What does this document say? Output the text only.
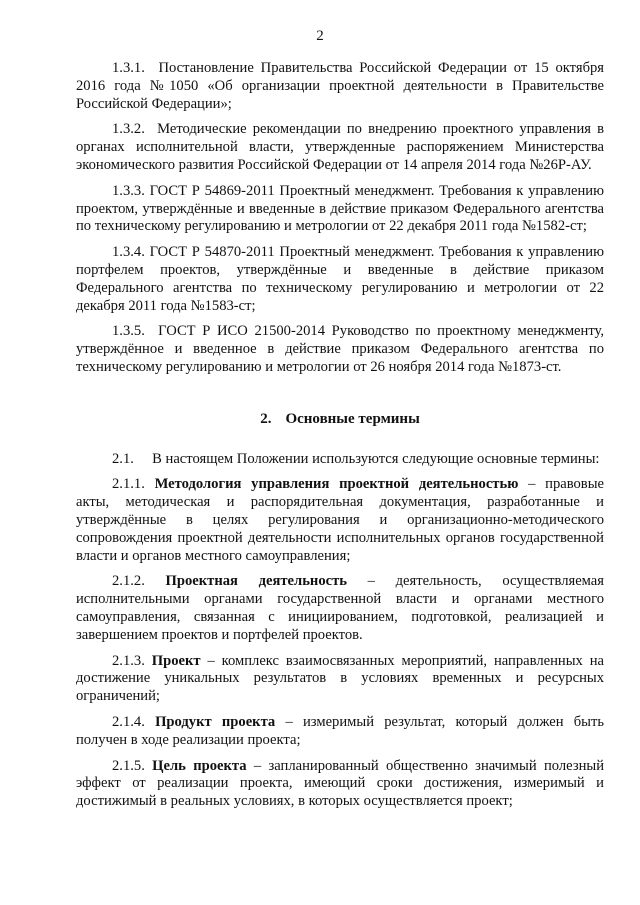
2

1.3.1. Постановление Правительства Российской Федерации от 15 октября 2016 года №1050 «Об организации проектной деятельности в Правительстве Российской Федерации»;

1.3.2. Методические рекомендации по внедрению проектного управления в органах исполнительной власти, утвержденные распоряжением Министерства экономического развития Российской Федерации от 14 апреля 2014 года №26Р-АУ.

1.3.3. ГОСТ Р 54869-2011 Проектный менеджмент. Требования к управлению проектом, утверждённые и введенные в действие приказом Федерального агентства по техническому регулированию и метрологии от 22 декабря 2011 года №1582-ст;

1.3.4. ГОСТ Р 54870-2011 Проектный менеджмент. Требования к управлению портфелем проектов, утверждённые и введенные в действие приказом Федерального агентства по техническому регулированию и метрологии от 22 декабря 2011 года №1583-ст;

1.3.5. ГОСТ Р ИСО 21500-2014 Руководство по проектному менеджменту, утверждённое и введенное в действие приказом Федерального агентства по техническому регулированию и метрологии от 26 ноября 2014 года №1873-ст.

2. Основные термины

2.1. В настоящем Положении используются следующие основные термины:

2.1.1. Методология управления проектной деятельностью – правовые акты, методическая и распорядительная документация, разработанные и утверждённые в целях регулирования и организационно-методического сопровождения проектной деятельности исполнительных органов государственной власти и органов местного самоуправления;

2.1.2. Проектная деятельность – деятельность, осуществляемая исполнительными органами государственной власти и органами местного самоуправления, связанная с инициированием, подготовкой, реализацией и завершением проектов и портфелей проектов.

2.1.3. Проект – комплекс взаимосвязанных мероприятий, направленных на достижение уникальных результатов в условиях временных и ресурсных ограничений;

2.1.4. Продукт проекта – измеримый результат, который должен быть получен в ходе реализации проекта;

2.1.5. Цель проекта – запланированный общественно значимый полезный эффект от реализации проекта, имеющий сроки достижения, измеримый и достижимый в реальных условиях, в которых осуществляется проект;
